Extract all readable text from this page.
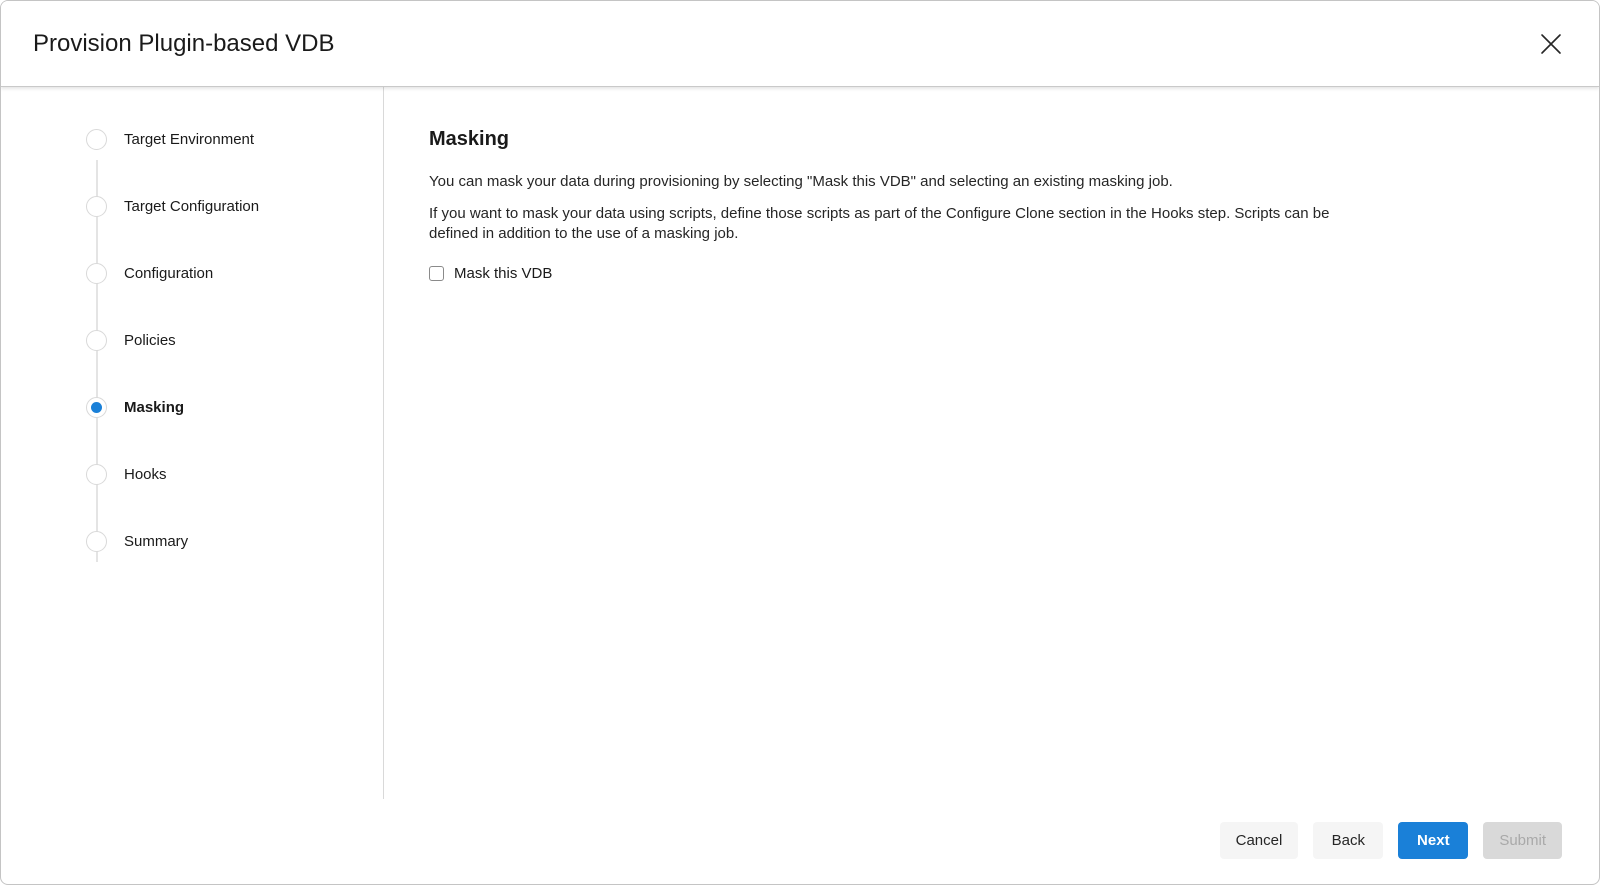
Provision Plugin-based VDB
Target Environment
Target Configuration
Configuration
Policies
Masking
Hooks
Summary
Masking

You can mask your data during provisioning by selecting "Mask this VDB" and selecting an existing masking job.

If you want to mask your data using scripts, define those scripts as part of the Configure Clone section in the Hooks step. Scripts can be defined in addition to the use of a masking job.

Mask this VDB
Cancel	Back	Next	Submit
